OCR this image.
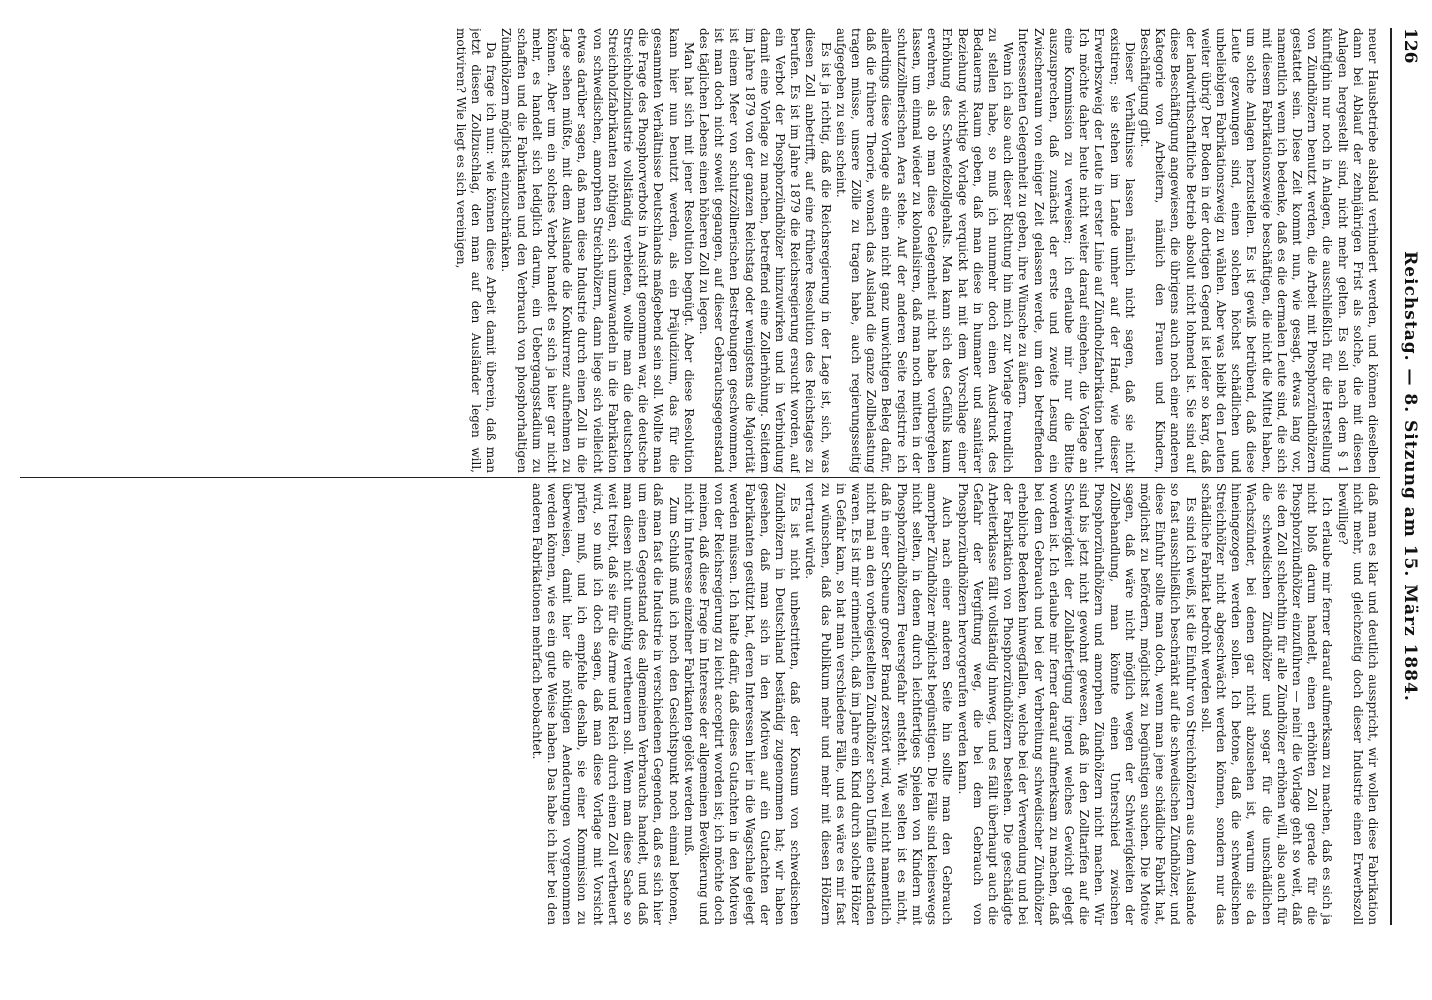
126
Reichstag. — 8. Sitzung am 15. März 1884.

neuer Hausbetriebe alsbald verhindert werden, und können dieselben dann bei Ablauf der zehnjährigen Frist als solche, die mit diesen Anlagen hergestellt sind, nicht mehr gelten. Es soll nach dem § 1 künftighin nur noch in Anlagen, die ausschließlich für die Herstellung von Zündhölzern benutzt werden, die Arbeit mit Phosphorzündhölzern gestattet sein. Diese Zeit kommt nun, wie gesagt, etwas lang vor, namentlich wenn ich bedenke, daß es die dermalen Leute sind, die sich mit diesem Fabrikationszweige beschäftigen, die nicht die Mittel haben, um solche Anlagen herzustellen. Es ist gewiß betrübend, daß diese Leute gezwungen sind, einen solchen höchst schädlichen und unbeliebigen Fabrikationszweig zu wählen. Aber was bleibt den Leuten weiter übrig? Der Boden in der dortigen Gegend ist leider so karg, daß der landwirthschaftliche Betrieb absolut nicht lohnend ist. Sie sind auf diese Beschäftigung angewiesen, die übrigens auch noch einer anderen Kategorie von Arbeitern, nämlich den Frauen und Kindern, Beschäftigung gibt.

Dieser Verhältnisse lassen nämlich nicht sagen, daß sie nicht existiren; sie stehen im Lande umher auf der Hand, wie dieser Erwerbszweig der Leute in erster Linie auf Zündholzfabrikation beruht. Ich möchte daher heute nicht weiter darauf eingehen, die Vorlage an eine Kommission zu verweisen; ich erlaube mir nur die Bitte auszusprechen, daß zunächst der erste und zweite Lesung ein Zwischenraum von einiger Zeit gelassen werde, um den betreffenden Interessenten Gelegenheit zu geben, ihre Wünsche zu äußern.

Wenn ich also auch dieser Richtung hin mich zur Vorlage freundlich zu stellen habe, so muß ich nunmehr doch einen Ausdruck des Bedauerns Raum geben, daß man diese in humaner und sanitärer Beziehung wichtige Vorlage verquickt hat mit dem Vorschlage einer Erhöhung des Schwefelzollgehalts. Man kann sich des Gefühls kaum erwehren, als ob man diese Gelegenheit nicht habe vorübergehen lassen, um einmal wieder zu kolonalisiren, daß man noch mitten in der schutzzöllnerischen Aera stehe. Auf der anderen Seite registrire ich allerdings diese Vorlage als einen nicht ganz unwichtigen Beleg dafür, daß die frühere Theorie, wonach das Ausland die ganze Zollbelastung tragen müsse, unsere Zölle zu tragen habe, auch regierungsseitig aufgegeben zu sein scheint.

Es ist ja richtig, daß die Reichsregierung in der Lage ist, sich, was diesen Zoll anbetrifft, auf eine frühere Resolution des Reichstages zu berufen. Es ist im Jahre 1879 die Reichsregierung ersucht worden, auf ein Verbot der Phosphorzündhölzer hinzuwirken und in Verbindung damit eine Vorlage zu machen, betreffend eine Zollerhöhung. Seitdem im Jahre 1879 von der ganzen Reichstag oder wenigstens die Majorität ist einem Meer von schutzzöllnerischen Bestrebungen geschwommen, ist man doch nicht soweit gegangen, auf dieser Gebrauchsgegenstand des täglichen Lebens einen höheren Zoll zu legen.

Man hat sich mit jener Resolution begnügt. Aber diese Resolution kann hier nun benutzt werden, als ein Präjudizium, das für die gesammten Verhältnisse Deutschlands maßgebend sein soll. Wollte man die Frage des Phosphorverbots in Ansicht genommen war, die deutsche Streichholzindustrie vollständig verbieten, wollte man die deutschen Streichholzfabrikanten nöthigen, sich umzuwandeln in die Fabrikation von schwedischen, amorphen Streichhölzern, dann liege sich vielleicht etwas darüber sagen, daß man diese Industrie durch einen Zoll in die Lage sehen müßte, mit dem Auslande die Konkurrenz aufnehmen zu können. Aber um ein solches Verbot handelt es sich ja hier gar nicht mehr, es handelt sich lediglich darum, ein Uebergangsstadium zu schaffen und die Fabrikanten und den Verbrauch von phosphorhaltigen Zündhölzern möglichst einzuschränken.

Da frage ich nun: wie können diese Arbeit damit überein, daß man jetzt diesen Zollzuschlag, den man auf den Ausländer legen will, motiviren? Wie liegt es sich vereinigen,

daß man es klar und deutlich ausspricht, wir wollen diese Fabrikation nicht mehr, und gleichzeitig doch dieser Industrie einen Erwerbszoll bewillige?

Ich erlaube mir ferner darauf aufmerksam zu machen, daß es sich ja nicht bloß darum handelt, einen erhöhten Zoll gerade für die Phosphorzündhölzer einzuführen — nein! die Vorlage geht so weit, daß sie den Zoll schlechthin für alle Zündhölzer erhöhen will, also auch für die schwedischen Zündhölzer und sogar für die unschädlichen Wachszünder, bei denen gar nicht abzusehen ist, warum sie da hineingezogen werden sollen. Ich betone, daß die schwedischen Streichhölzer nicht abgeschwächt werden können, sondern nur das schädliche Fabrikat bedroht werden soll.

Es sind ich weiß, ist die Einfuhr von Streichhölzern aus dem Auslande so fast ausschließlich beschränkt auf die schwedischen Zündhölzer, und diese Einfuhr sollte man doch, wenn man jene schädliche Fabrik hat, möglichst zu befördern, möglichst zu begünstigen suchen. Die Motive sagen, daß wäre nicht möglich wegen der Schwierigkeiten der Zollbehandlung, man könnte einen Unterschied zwischen Phosphorzündhölzern und amorphen Zündhölzern nicht machen. Wir sind bis jetzt nicht gewohnt gewesen, daß in den Zolltarifen auf die Schwierigkeit der Zollabfertigung irgend welches Gewicht gelegt worden ist. Ich erlaube mir ferner darauf aufmerksam zu machen, daß bei dem Gebrauch und bei der Verbreitung schwedischer Zündhölzer erhebliche Bedenken hinwegfallen, welche bei der Verwendung und bei der Fabrikation von Phosphorzündhölzern bestehen. Die geschädigte Arbeiterklasse fällt vollständig hinweg, und es fällt überhaupt auch die Gefahr der Vergiftung weg, die bei dem Gebrauch von Phosphorzündhölzern hervorgerufen werden kann.

Auch nach einer anderen Seite hin sollte man den Gebrauch amorpher Zündhölzer möglichst begünstigen. Die Fälle sind keineswegs nicht selten, in denen durch leichtfertiges Spielen von Kindern mit Phosphorzündhölzern Feuersgefahr entsteht. Wie selten ist es nicht, daß in einer Scheune großer Brand zerstört wird, weil nicht namentlich nicht mal an den vorbeigestellten Zündhölzer schon Unfälle entstanden waren. Es ist mir erinnerlich, daß im Jahre ein Kind durch solche Hölzer in Gefahr kam, so hat man verschiedene Fälle, und es wäre es mir fast zu wünschen, daß das Publikum mehr und mehr mit diesen Hölzern vertraut würde.

Es ist nicht unbestritten, daß der Konsum von schwedischen Zündhölzern in Deutschland beständig zugenommen hat; wir haben gesehen, daß man sich in den Motiven auf ein Gutachten der Fabrikanten gestützt hat, deren Interessen hier in die Wagschale gelegt werden müssen. Ich halte dafür, daß dieses Gutachten in den Motiven von der Reichsregierung zu leicht acceptirt worden ist; ich möchte doch meinen, daß diese Frage im Interesse der allgemeinen Bevölkerung und nicht im Interesse einzelner Fabrikanten gelöst werden muß.

Zum Schluß muß ich noch den Gesichtspunkt noch einmal betonen, daß man fast die Industrie in verschiedenen Gegenden, daß es sich hier um einen Gegenstand des allgemeinen Verbrauchs handelt, und daß man diesen nicht unnöthig vertheuern soll. Wenn man diese Sache so weit treibt, daß sie für die Arme und Reich durch einen Zoll vertheuert wird, so muß ich doch sagen, daß man diese Vorlage mit Vorsicht prüfen muß, und ich empfehle deshalb, sie einer Kommission zu überweisen, damit hier die nöthigen Aenderungen vorgenommen werden können, wie es ein gute Weise haben. Das habe ich hier bei den anderen Fabrikationen mehrfach beobachtet.
